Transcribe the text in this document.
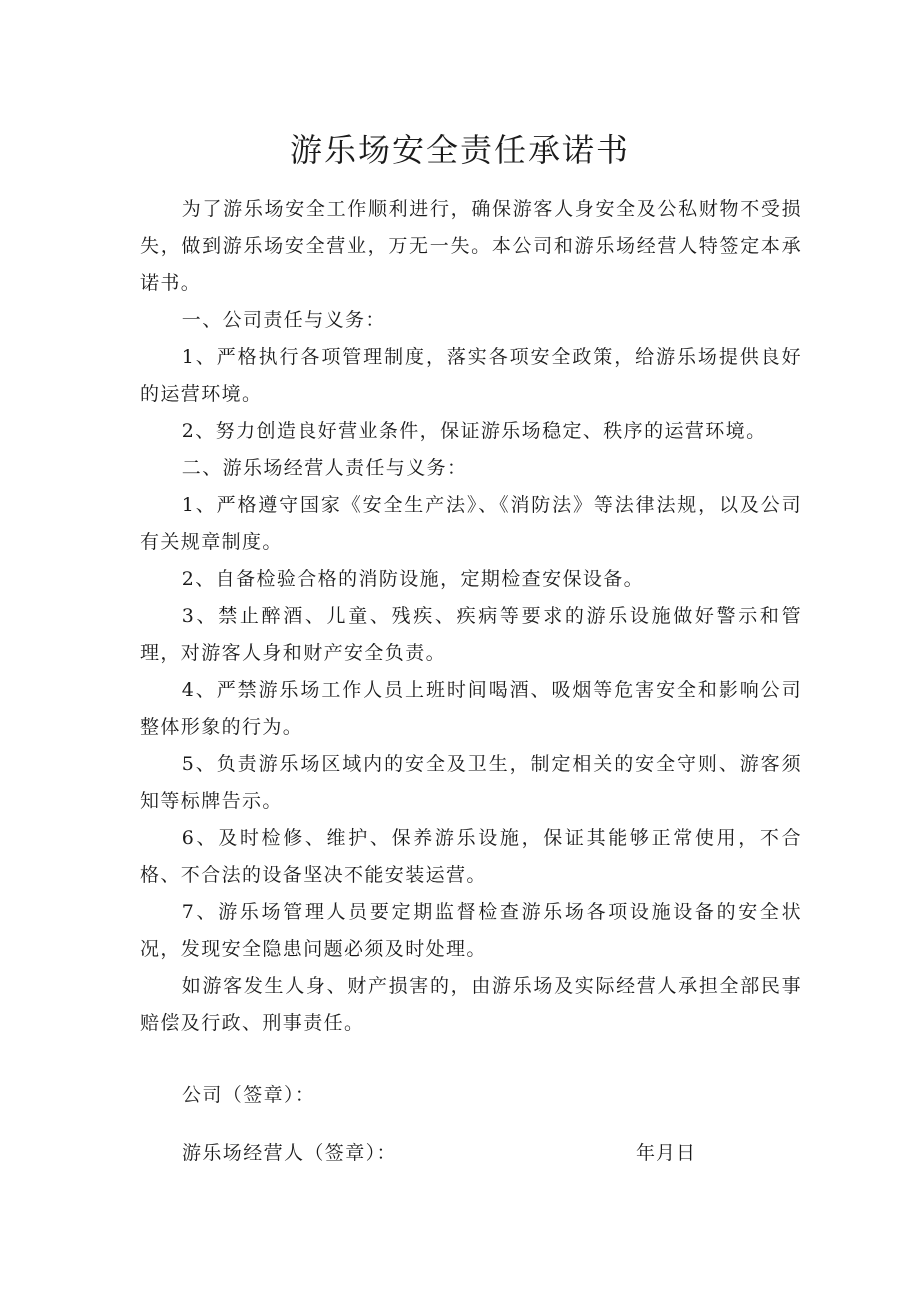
游乐场安全责任承诺书

为了游乐场安全工作顺利进行，确保游客人身安全及公私财物不受损失，做到游乐场安全营业，万无一失。本公司和游乐场经营人特签定本承诺书。

一、公司责任与义务：

1、严格执行各项管理制度，落实各项安全政策，给游乐场提供良好的运营环境。

2、努力创造良好营业条件，保证游乐场稳定、秩序的运营环境。

二、游乐场经营人责任与义务：

1、严格遵守国家《安全生产法》、《消防法》等法律法规，以及公司有关规章制度。

2、自备检验合格的消防设施，定期检查安保设备。

3、禁止醉酒、儿童、残疾、疾病等要求的游乐设施做好警示和管理，对游客人身和财产安全负责。

4、严禁游乐场工作人员上班时间喝酒、吸烟等危害安全和影响公司整体形象的行为。

5、负责游乐场区域内的安全及卫生，制定相关的安全守则、游客须知等标牌告示。

6、及时检修、维护、保养游乐设施，保证其能够正常使用，不合格、不合法的设备坚决不能安装运营。

7、游乐场管理人员要定期监督检查游乐场各项设施设备的安全状况，发现安全隐患问题必须及时处理。

如游客发生人身、财产损害的，由游乐场及实际经营人承担全部民事赔偿及行政、刑事责任。

公司（签章）：
游乐场经营人（签章）：	年月日
